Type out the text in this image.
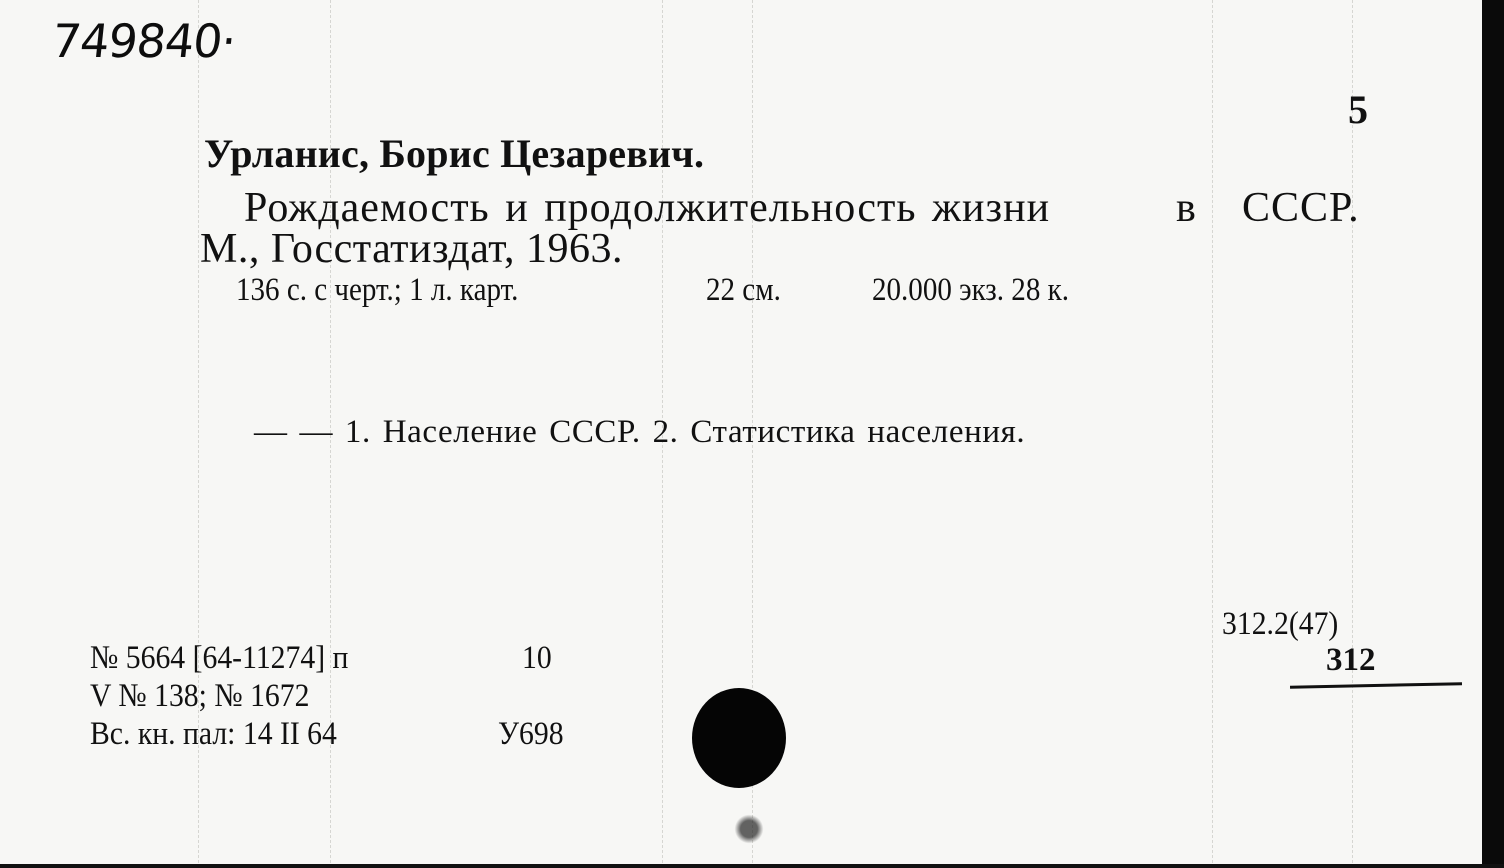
749840·
5
Урланис, Борис Цезаревич.
Рождаемость и продолжительность жизни	в СССР.
М., Госстатиздат, 1963.
136 с. с черт.; 1 л. карт.	22 см.	20.000 экз. 28 к.
— — 1. Население СССР. 2. Статистика населения.
312.2(47)
312
№ 5664 [64-11274] п	10
V № 138; № 1672
Вс. кн. пал: 14 II 64	У698
